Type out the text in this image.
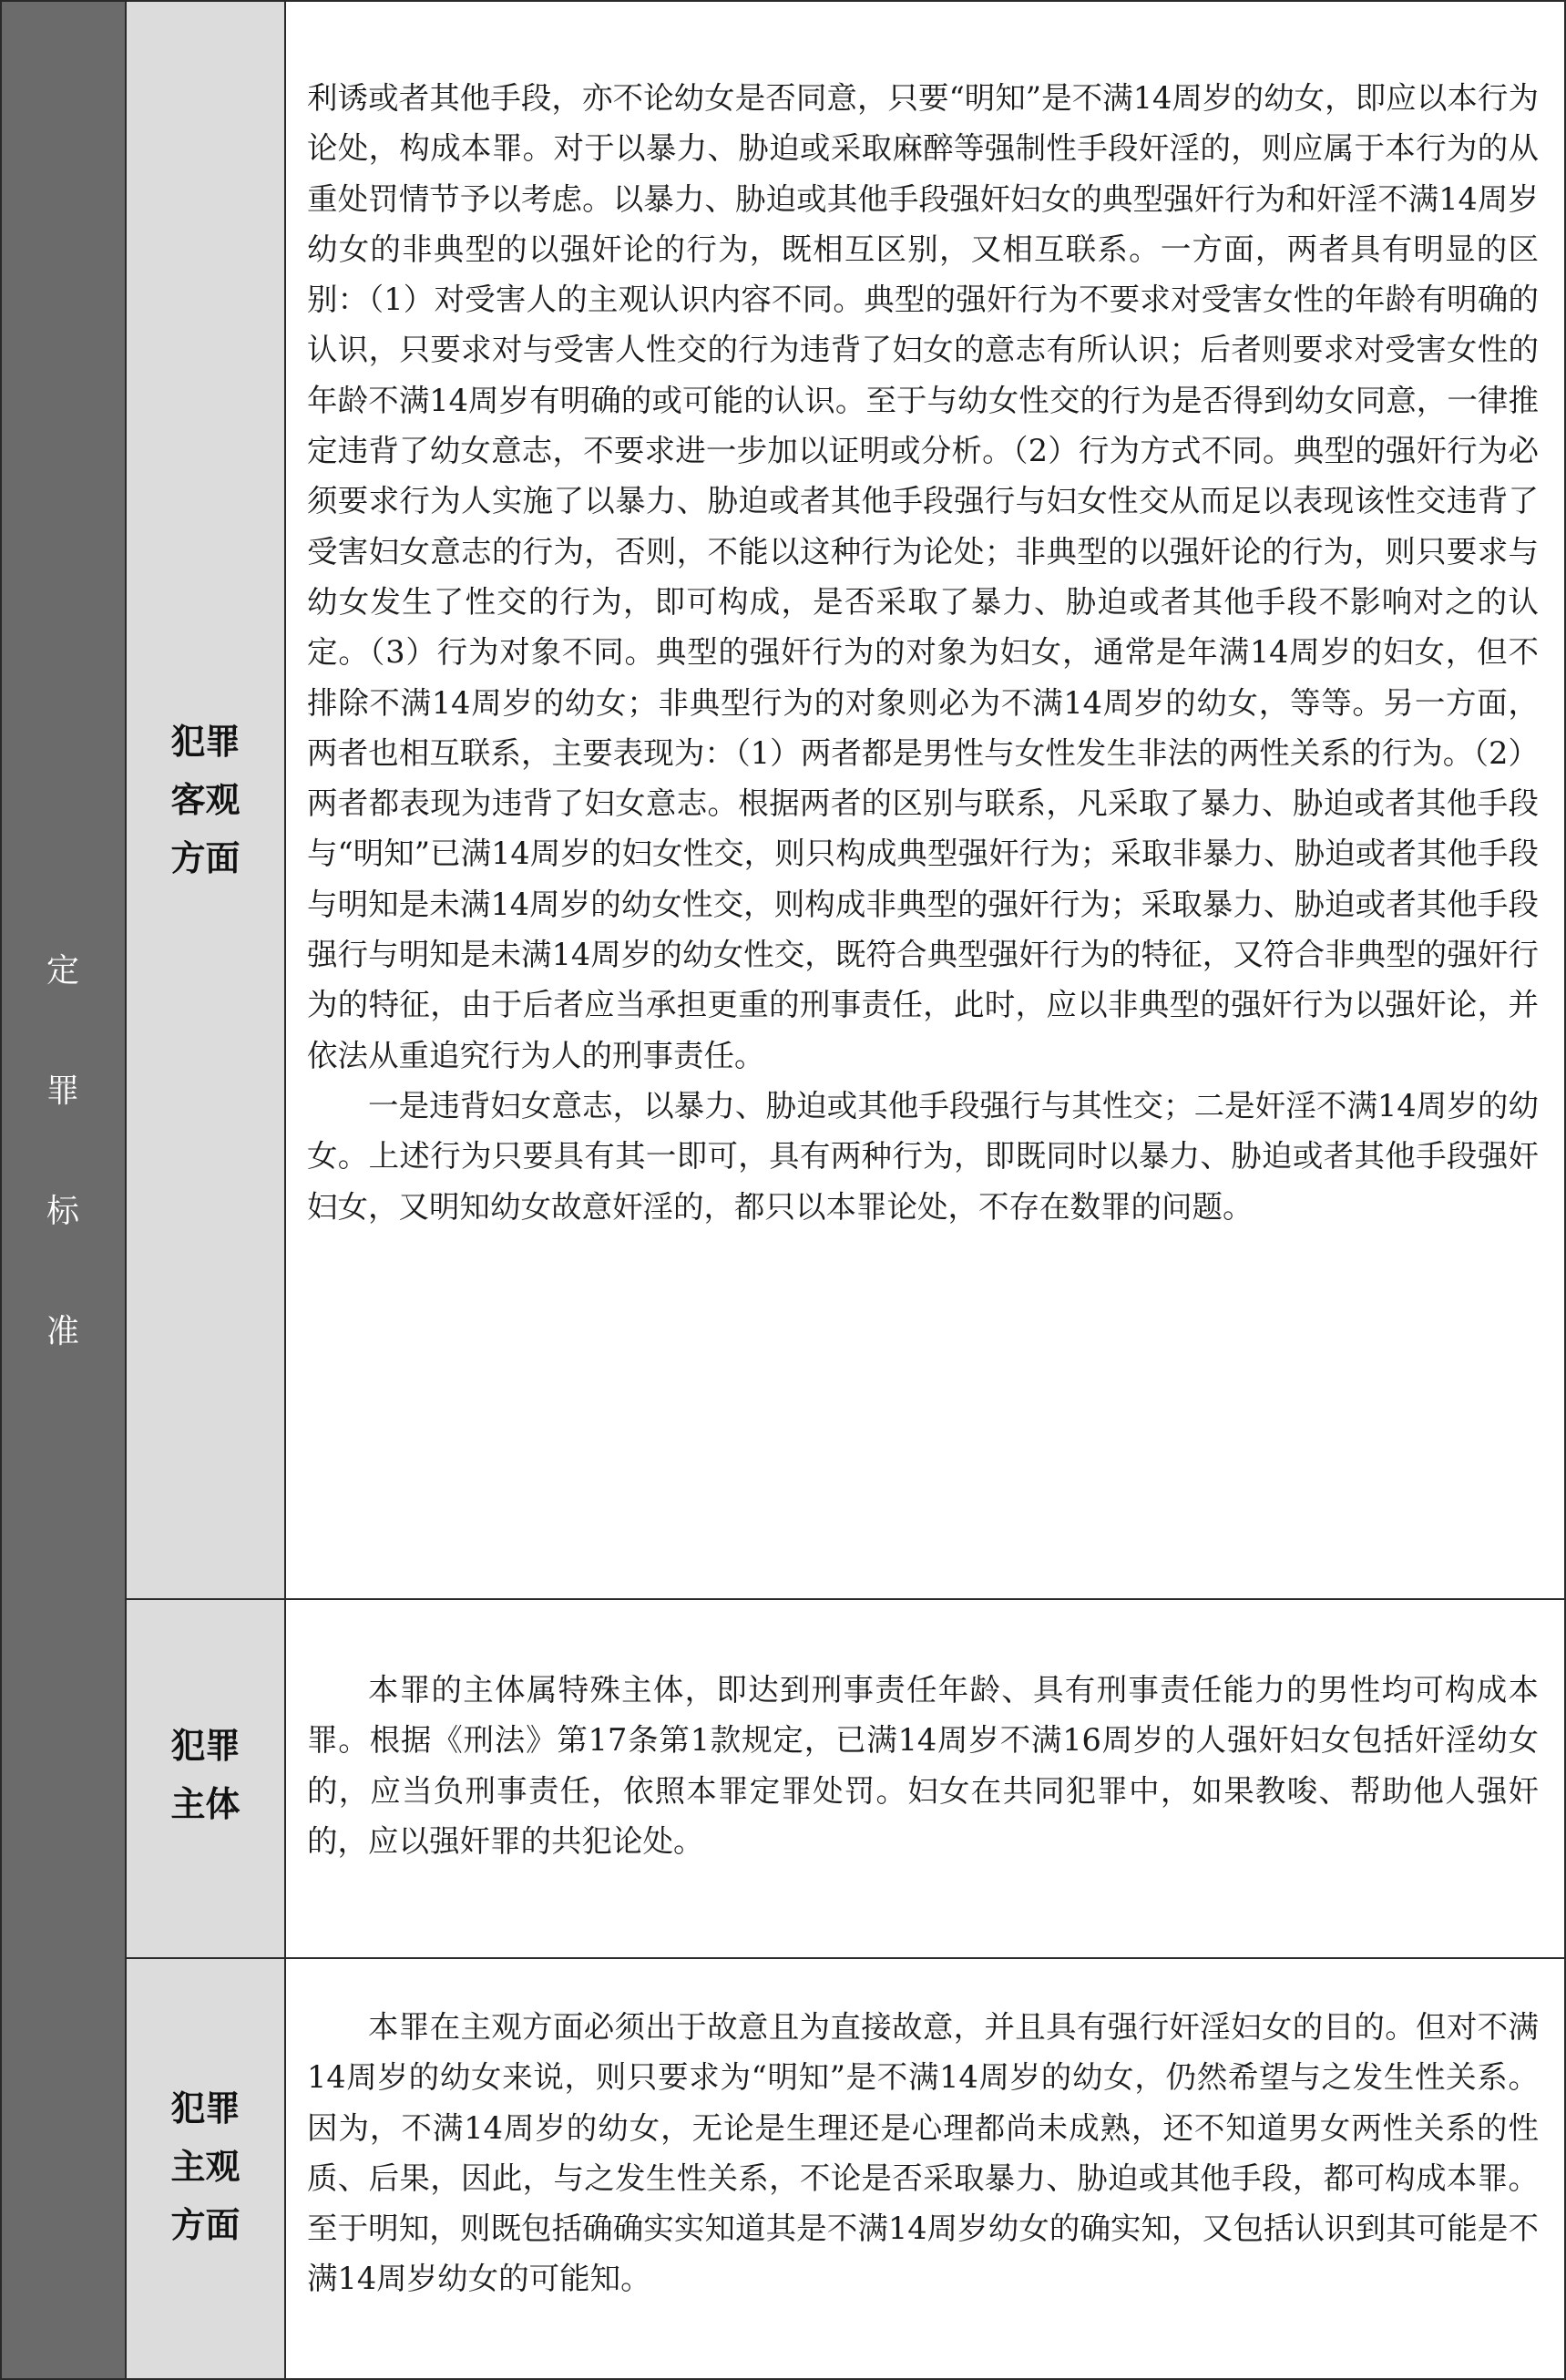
定
罪
标
准
犯罪
客观
方面
犯罪
主体
犯罪
主观
方面

利诱或者其他手段，亦不论幼女是否同意，只要“明知”是不满14周岁的幼女，即应以本行为论处，构成本罪。对于以暴力、胁迫或采取麻醉等强制性手段奸淫的，则应属于本行为的从重处罚情节予以考虑。以暴力、胁迫或其他手段强奸妇女的典型强奸行为和奸淫不满14周岁幼女的非典型的以强奸论的行为，既相互区别，又相互联系。一方面，两者具有明显的区别：（1）对受害人的主观认识内容不同。典型的强奸行为不要求对受害女性的年龄有明确的认识，只要求对与受害人性交的行为违背了妇女的意志有所认识；后者则要求对受害女性的年龄不满14周岁有明确的或可能的认识。至于与幼女性交的行为是否得到幼女同意，一律推定违背了幼女意志，不要求进一步加以证明或分析。（2）行为方式不同。典型的强奸行为必须要求行为人实施了以暴力、胁迫或者其他手段强行与妇女性交从而足以表现该性交违背了受害妇女意志的行为，否则，不能以这种行为论处；非典型的以强奸论的行为，则只要求与幼女发生了性交的行为，即可构成，是否采取了暴力、胁迫或者其他手段不影响对之的认定。（3）行为对象不同。典型的强奸行为的对象为妇女，通常是年满14周岁的妇女，但不排除不满14周岁的幼女；非典型行为的对象则必为不满14周岁的幼女，等等。另一方面，两者也相互联系，主要表现为：（1）两者都是男性与女性发生非法的两性关系的行为。（2）两者都表现为违背了妇女意志。根据两者的区别与联系，凡采取了暴力、胁迫或者其他手段与“明知”已满14周岁的妇女性交，则只构成典型强奸行为；采取非暴力、胁迫或者其他手段与明知是未满14周岁的幼女性交，则构成非典型的强奸行为；采取暴力、胁迫或者其他手段强行与明知是未满14周岁的幼女性交，既符合典型强奸行为的特征，又符合非典型的强奸行为的特征，由于后者应当承担更重的刑事责任，此时，应以非典型的强奸行为以强奸论，并依法从重追究行为人的刑事责任。

一是违背妇女意志，以暴力、胁迫或其他手段强行与其性交；二是奸淫不满14周岁的幼女。上述行为只要具有其一即可，具有两种行为，即既同时以暴力、胁迫或者其他手段强奸妇女，又明知幼女故意奸淫的，都只以本罪论处，不存在数罪的问题。

本罪的主体属特殊主体，即达到刑事责任年龄、具有刑事责任能力的男性均可构成本罪。根据《刑法》第17条第1款规定，已满14周岁不满16周岁的人强奸妇女包括奸淫幼女的，应当负刑事责任，依照本罪定罪处罚。妇女在共同犯罪中，如果教唆、帮助他人强奸的，应以强奸罪的共犯论处。

本罪在主观方面必须出于故意且为直接故意，并且具有强行奸淫妇女的目的。但对不满14周岁的幼女来说，则只要求为“明知”是不满14周岁的幼女，仍然希望与之发生性关系。因为，不满14周岁的幼女，无论是生理还是心理都尚未成熟，还不知道男女两性关系的性质、后果，因此，与之发生性关系，不论是否采取暴力、胁迫或其他手段，都可构成本罪。至于明知，则既包括确确实实知道其是不满14周岁幼女的确实知，又包括认识到其可能是不满14周岁幼女的可能知。
